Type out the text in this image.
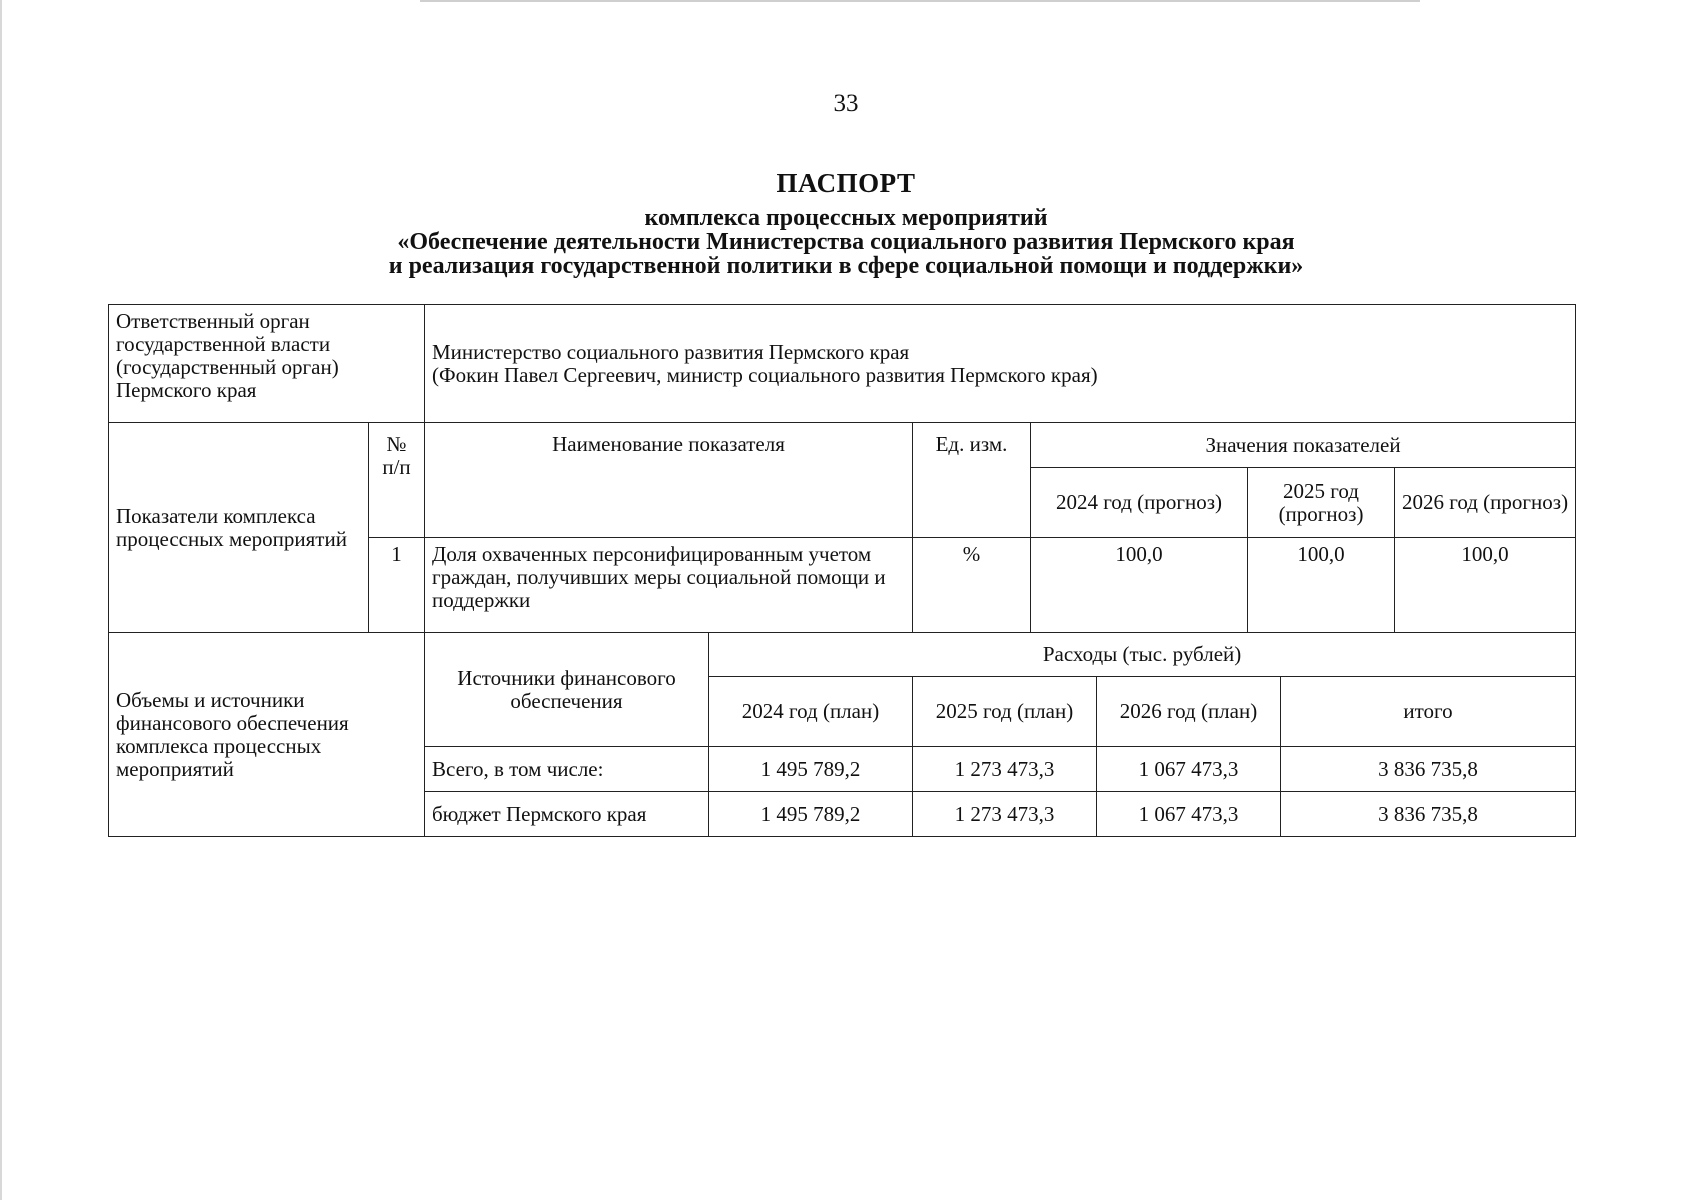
33
ПАСПОРТ
комплекса процессных мероприятий
«Обеспечение деятельности Министерства социального развития Пермского края
и реализация государственной политики в сфере социальной помощи и поддержки»
Ответственный орган государственной власти (государственный орган) Пермского края		Министерство социального развития Пермского края
(Фокин Павел Сергеевич, министр социального развития Пермского края)							

Показатели комплекса процессных мероприятий	№ п/п	Наименование показателя		Ед. изм.	Значения показателей				
					2024 год (прогноз)		2025 год (прогноз)		2026 год (прогноз)
	1	Доля охваченных персонифицированным учетом граждан, получивших меры социальной помощи и поддержки		%	100,0		100,0		100,0
Объемы и источники финансового обеспечения комплекса процессных мероприятий		Источники финансового обеспечения	Расходы (тыс. рублей)						
			2024 год (план)	2025 год (план)		2026 год (план)		итого	
		Всего, в том числе:	1 495 789,2	1 273 473,3		1 067 473,3		3 836 735,8	
		бюджет Пермского края	1 495 789,2	1 273 473,3		1 067 473,3		3 836 735,8	
